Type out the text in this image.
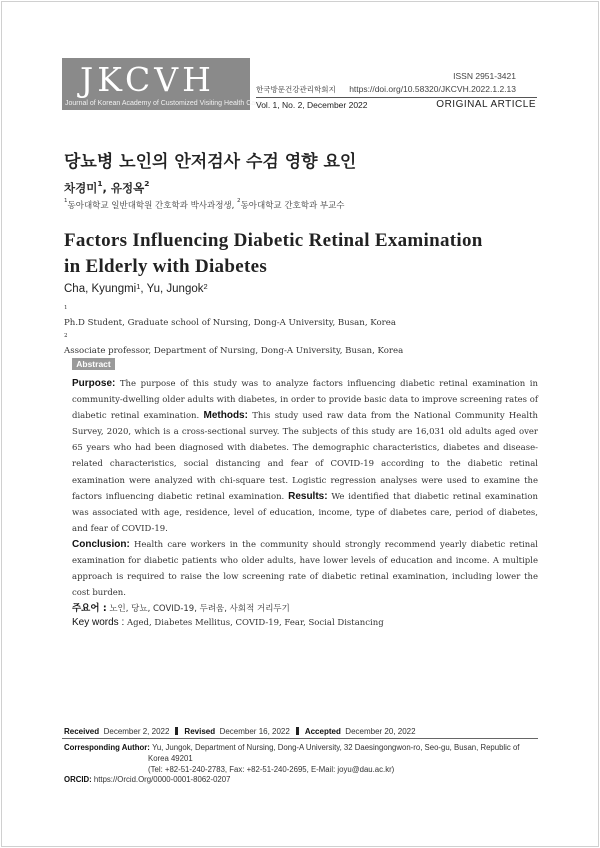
JKCVH
Journal of Korean Academy of Customized Visiting Health Care
한국방문건강관리학회지
ISSN 2951-3421
https://doi.org/10.58320/JKCVH.2022.1.2.13
Vol. 1, No. 2, December 2022	ORIGINAL ARTICLE
당뇨병 노인의 안저검사 수검 영향 요인
차경미$^1$, 유정옥$^2$
$^1$동아대학교 일반대학원 간호학과 박사과정생, $^2$동아대학교 간호학과 부교수
Factors Influencing Diabetic Retinal Examination
in Elderly with Diabetes
Cha, Kyungmi$^1$, Yu, Jungok$^2$
$^1$
Ph.D Student, Graduate school of Nursing, Dong-A University, Busan, Korea
$^2$
Associate professor, Department of Nursing, Dong-A University, Busan, Korea
Abstract
Purpose: The purpose of this study was to analyze factors influencing diabetic retinal examination in community-dwelling older adults with diabetes, in order to provide basic data to improve screening rates of diabetic retinal examination. Methods: This study used raw data from the National Community Health Survey, 2020, which is a cross-sectional survey. The subjects of this study are 16,031 old adults aged over 65 years who had been diagnosed with diabetes. The demographic characteristics, diabetes and disease-related characteristics, social distancing and fear of COVID-19 according to the diabetic retinal examination were analyzed with chi-square test. Logistic regression analyses were used to examine the factors influencing diabetic retinal examination. Results: We identified that diabetic retinal examination was associated with age, residence, level of education, income, type of diabetes care, period of diabetes, and fear of COVID-19.
Conclusion: Health care workers in the community should strongly recommend yearly diabetic retinal examination for diabetic patients who older adults, have lower levels of education and income. A multiple approach is required to raise the low screening rate of diabetic retinal examination, including lower the cost burden.
주요어 : 노인, 당뇨, COVID-19, 두려움, 사회적 거리두기
Key words : Aged, Diabetes Mellitus, COVID-19, Fear, Social Distancing
Received December 2, 2022 Revised December 16, 2022 Accepted December 20, 2022
Corresponding Author: Yu, Jungok, Department of Nursing, Dong-A University, 32 Daesingongwon-ro, Seo-gu, Busan, Republic of
Korea 49201
(Tel: +82-51-240-2783, Fax: +82-51-240-2695, E-Mail: joyu@dau.ac.kr)
ORCID: https://Orcid.Org/0000-0001-8062-0207
